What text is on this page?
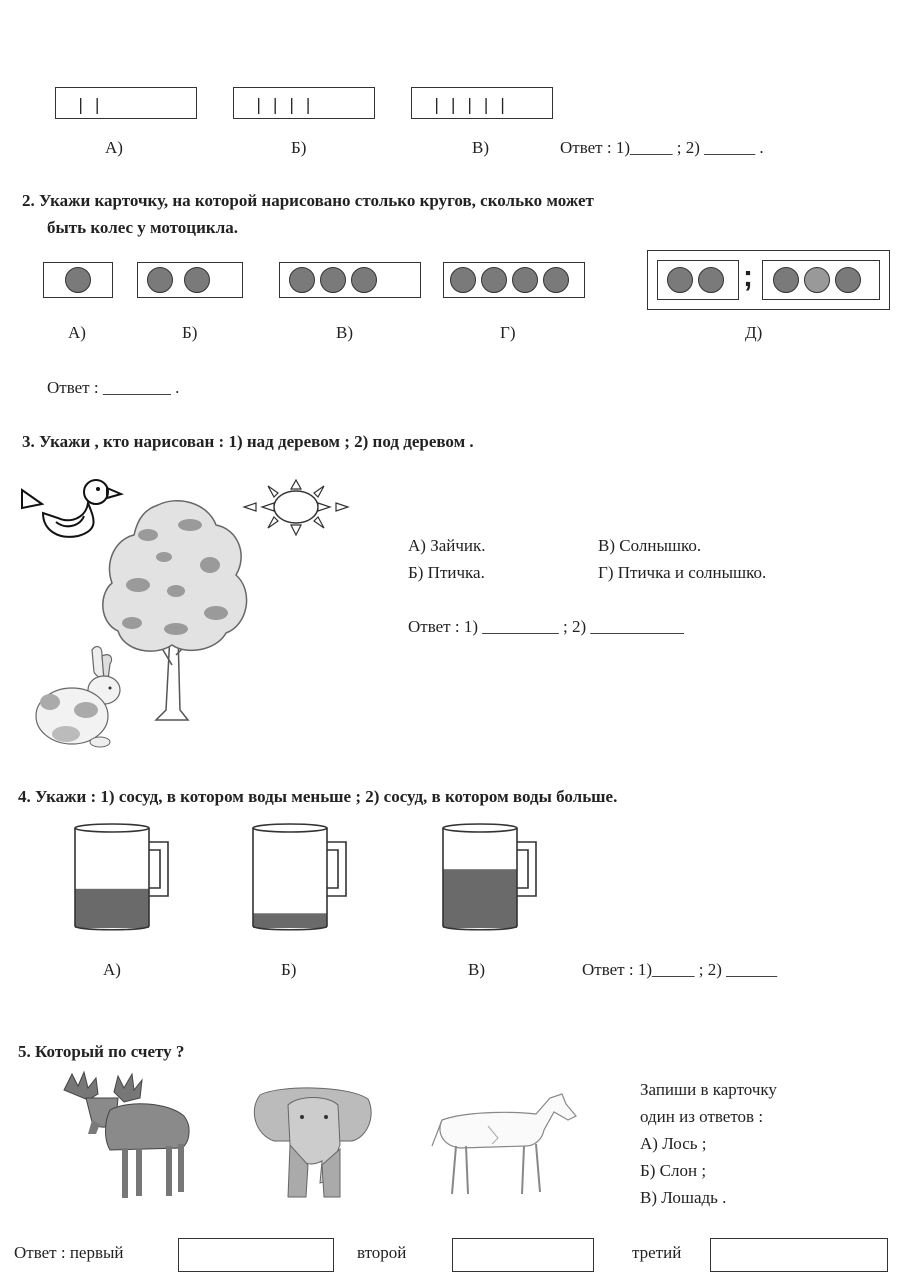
| |	| | | |	| | | | |
А)	Б)	В)	Ответ : 1)_____ ; 2) ______ .
2. Укажи карточку, на которой нарисовано столько кругов, сколько может
быть колес у мотоцикла.
;
А)	Б)	В)	Г)	Д)
Ответ : ________ .
3. Укажи , кто нарисован : 1) над деревом ; 2) под деревом .
А) Зайчик.	В) Солнышко.
Б) Птичка.	Г) Птичка и солнышко.
Ответ : 1) _________ ; 2) ___________
4. Укажи : 1) сосуд, в котором воды меньше ; 2) сосуд, в котором воды больше.
А)	Б)	В)	Ответ : 1)_____ ; 2) ______
5. Который по счету ?
Запиши в карточку
один из ответов :
А) Лось ;
Б) Слон ;
В) Лошадь .
Ответ : первый	второй	третий
